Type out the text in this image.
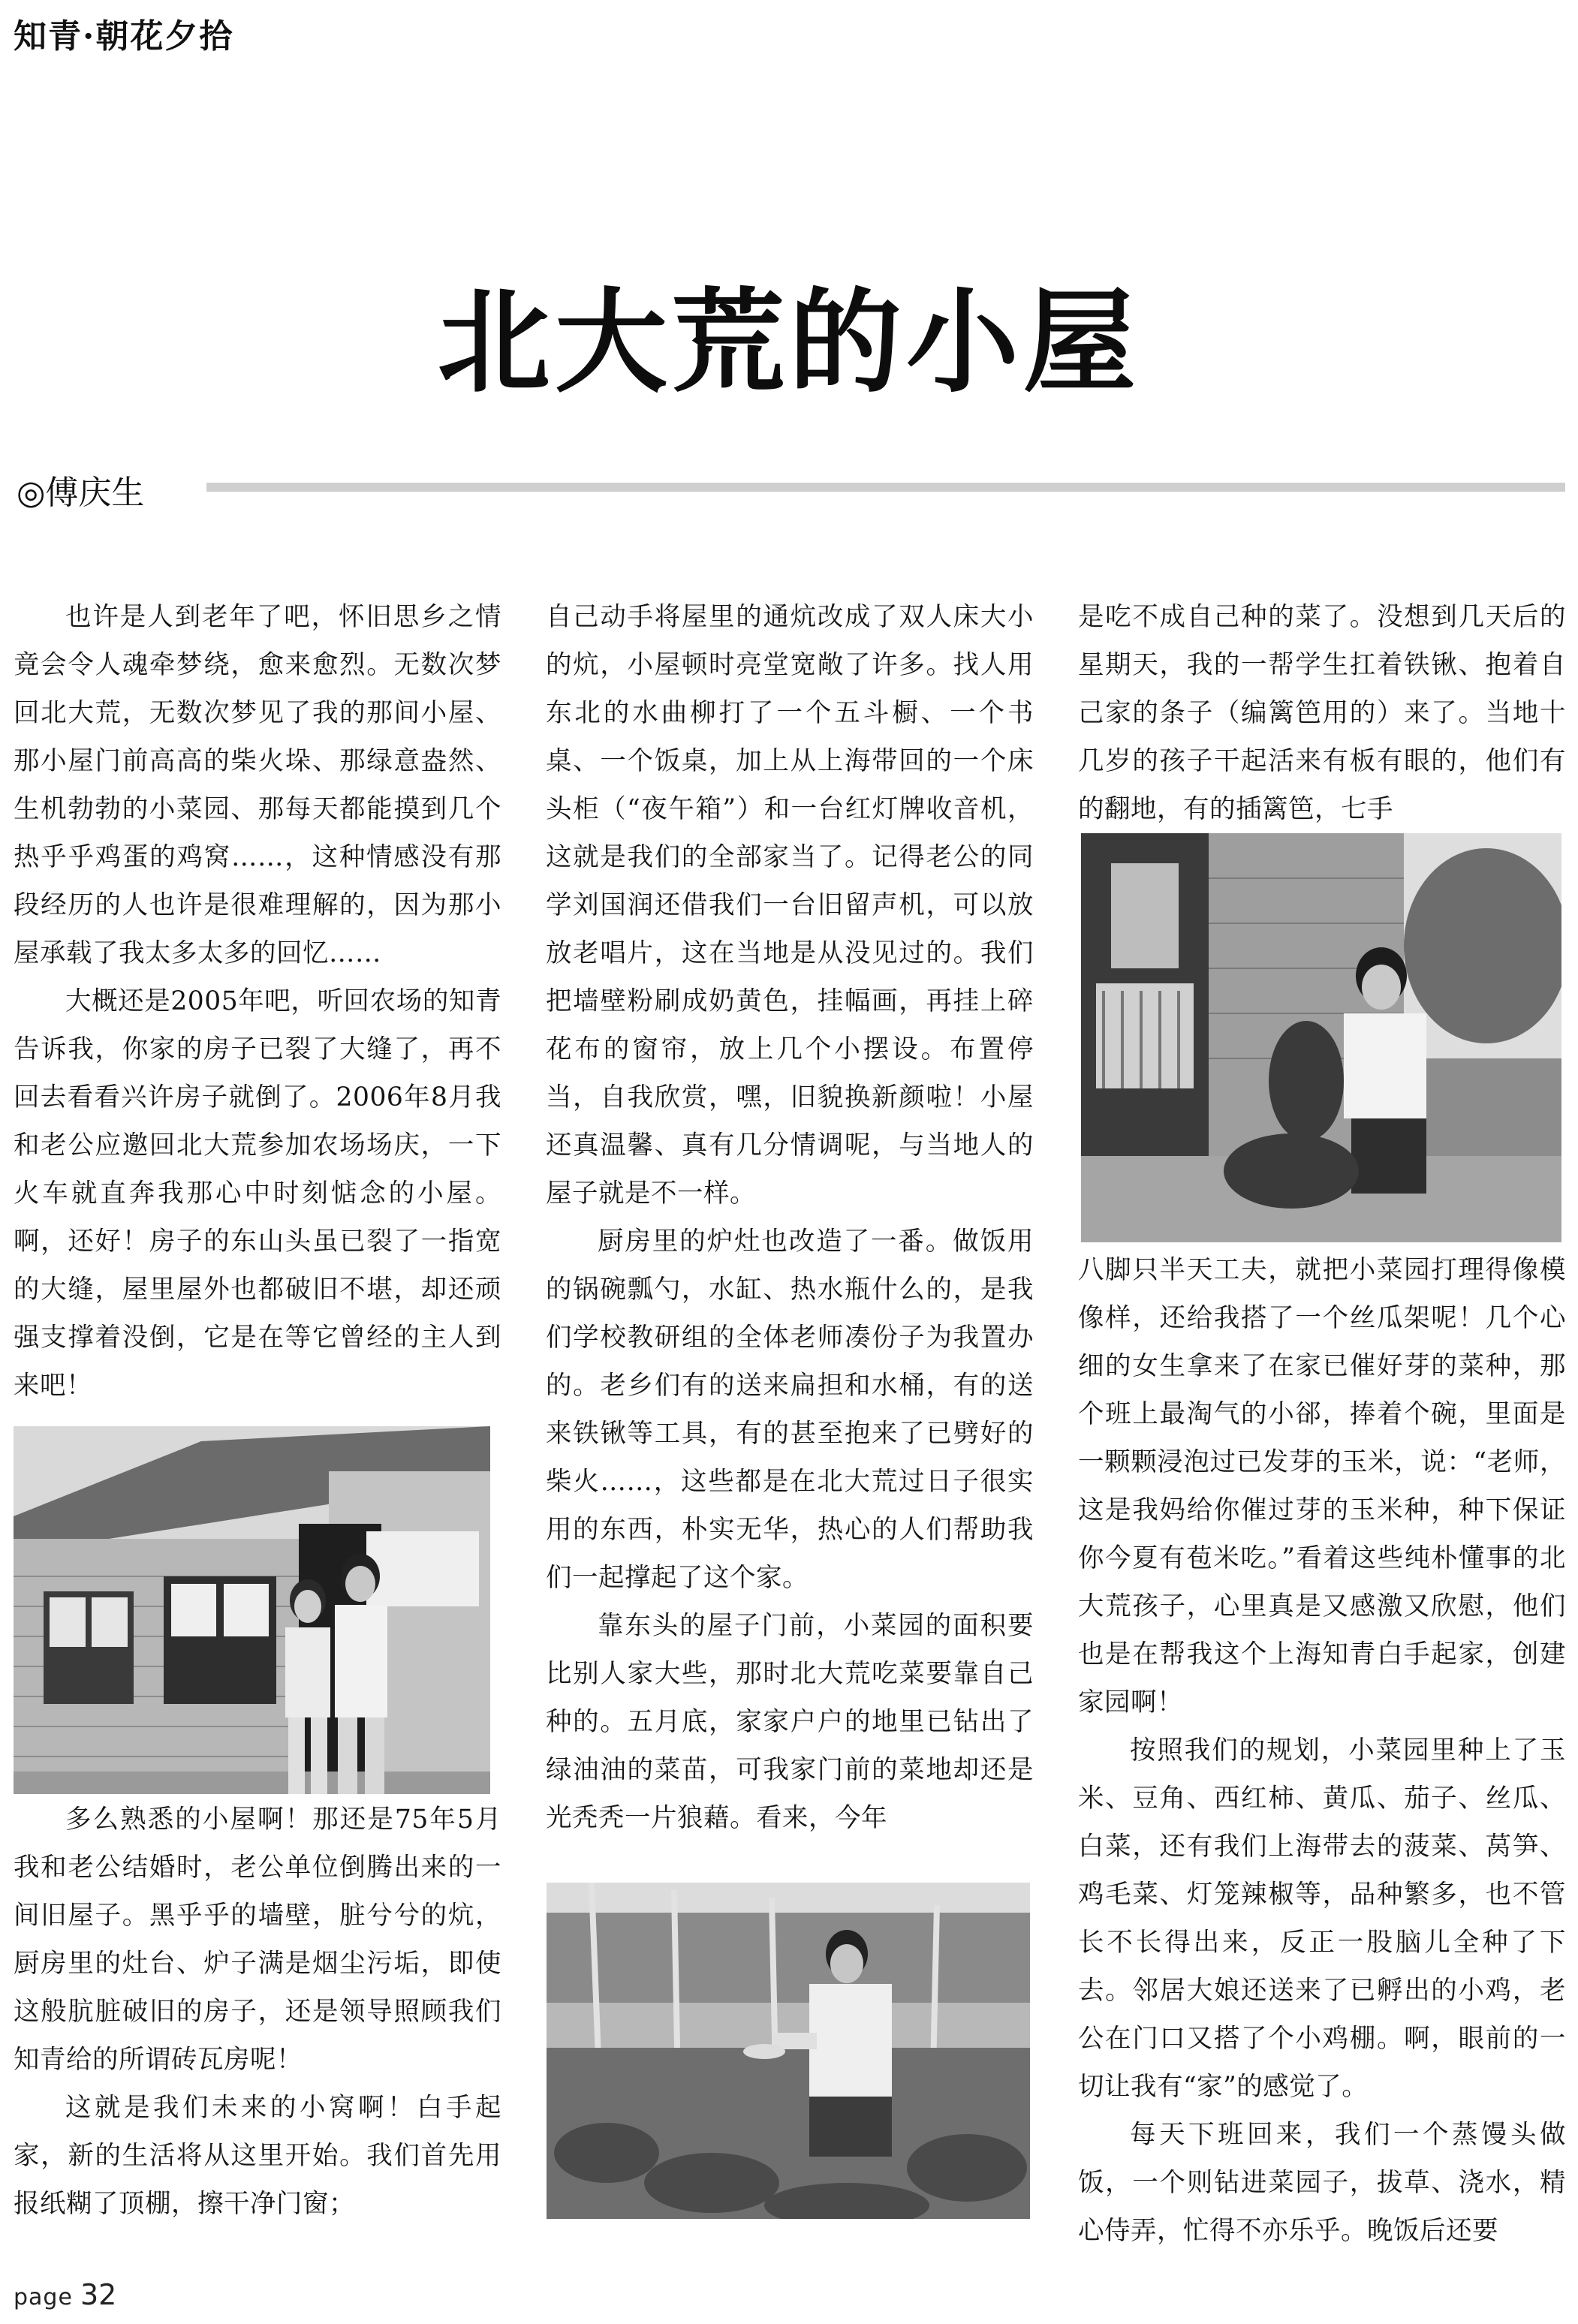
知青·朝花夕拾
北大荒的小屋
◎傅庆生

也许是人到老年了吧，怀旧思乡之情竟会令人魂牵梦绕，愈来愈烈。无数次梦回北大荒，无数次梦见了我的那间小屋、那小屋门前高高的柴火垛、那绿意盎然、生机勃勃的小菜园、那每天都能摸到几个热乎乎鸡蛋的鸡窝……，这种情感没有那段经历的人也许是很难理解的，因为那小屋承载了我太多太多的回忆……

大概还是2005年吧，听回农场的知青告诉我，你家的房子已裂了大缝了，再不回去看看兴许房子就倒了。2006年8月我和老公应邀回北大荒参加农场场庆，一下火车就直奔我那心中时刻惦念的小屋。啊，还好！房子的东山头虽已裂了一指宽的大缝，屋里屋外也都破旧不堪，却还顽强支撑着没倒，它是在等它曾经的主人到来吧！

多么熟悉的小屋啊！那还是75年5月我和老公结婚时，老公单位倒腾出来的一间旧屋子。黑乎乎的墙壁，脏兮兮的炕，厨房里的灶台、炉子满是烟尘污垢，即使这般肮脏破旧的房子，还是领导照顾我们知青给的所谓砖瓦房呢！

这就是我们未来的小窝啊！白手起家，新的生活将从这里开始。我们首先用报纸糊了顶棚，擦干净门窗；

自己动手将屋里的通炕改成了双人床大小的炕，小屋顿时亮堂宽敞了许多。找人用东北的水曲柳打了一个五斗橱、一个书桌、一个饭桌，加上从上海带回的一个床头柜（“夜午箱”）和一台红灯牌收音机，这就是我们的全部家当了。记得老公的同学刘国润还借我们一台旧留声机，可以放放老唱片，这在当地是从没见过的。我们把墙壁粉刷成奶黄色，挂幅画，再挂上碎花布的窗帘，放上几个小摆设。布置停当，自我欣赏，嘿，旧貌换新颜啦！小屋还真温馨、真有几分情调呢，与当地人的屋子就是不一样。

厨房里的炉灶也改造了一番。做饭用的锅碗瓢勺，水缸、热水瓶什么的，是我们学校教研组的全体老师凑份子为我置办的。老乡们有的送来扁担和水桶，有的送来铁锹等工具，有的甚至抱来了已劈好的柴火……，这些都是在北大荒过日子很实用的东西，朴实无华，热心的人们帮助我们一起撑起了这个家。

靠东头的屋子门前，小菜园的面积要比别人家大些，那时北大荒吃菜要靠自己种的。五月底，家家户户的地里已钻出了绿油油的菜苗，可我家门前的菜地却还是光秃秃一片狼藉。看来，今年

是吃不成自己种的菜了。没想到几天后的星期天，我的一帮学生扛着铁锹、抱着自己家的条子（编篱笆用的）来了。当地十几岁的孩子干起活来有板有眼的，他们有的翻地，有的插篱笆，七手

八脚只半天工夫，就把小菜园打理得像模像样，还给我搭了一个丝瓜架呢！几个心细的女生拿来了在家已催好芽的菜种，那个班上最淘气的小郤，捧着个碗，里面是一颗颗浸泡过已发芽的玉米，说：“老师，这是我妈给你催过芽的玉米种，种下保证你今夏有苞米吃。”看着这些纯朴懂事的北大荒孩子，心里真是又感激又欣慰，他们也是在帮我这个上海知青白手起家，创建家园啊！

按照我们的规划，小菜园里种上了玉米、豆角、西红柿、黄瓜、茄子、丝瓜、白菜，还有我们上海带去的菠菜、莴笋、鸡毛菜、灯笼辣椒等，品种繁多，也不管长不长得出来，反正一股脑儿全种了下去。邻居大娘还送来了已孵出的小鸡，老公在门口又搭了个小鸡棚。啊，眼前的一切让我有“家”的感觉了。

每天下班回来，我们一个蒸馒头做饭，一个则钻进菜园子，拔草、浇水，精心侍弄，忙得不亦乐乎。晚饭后还要

page 32
